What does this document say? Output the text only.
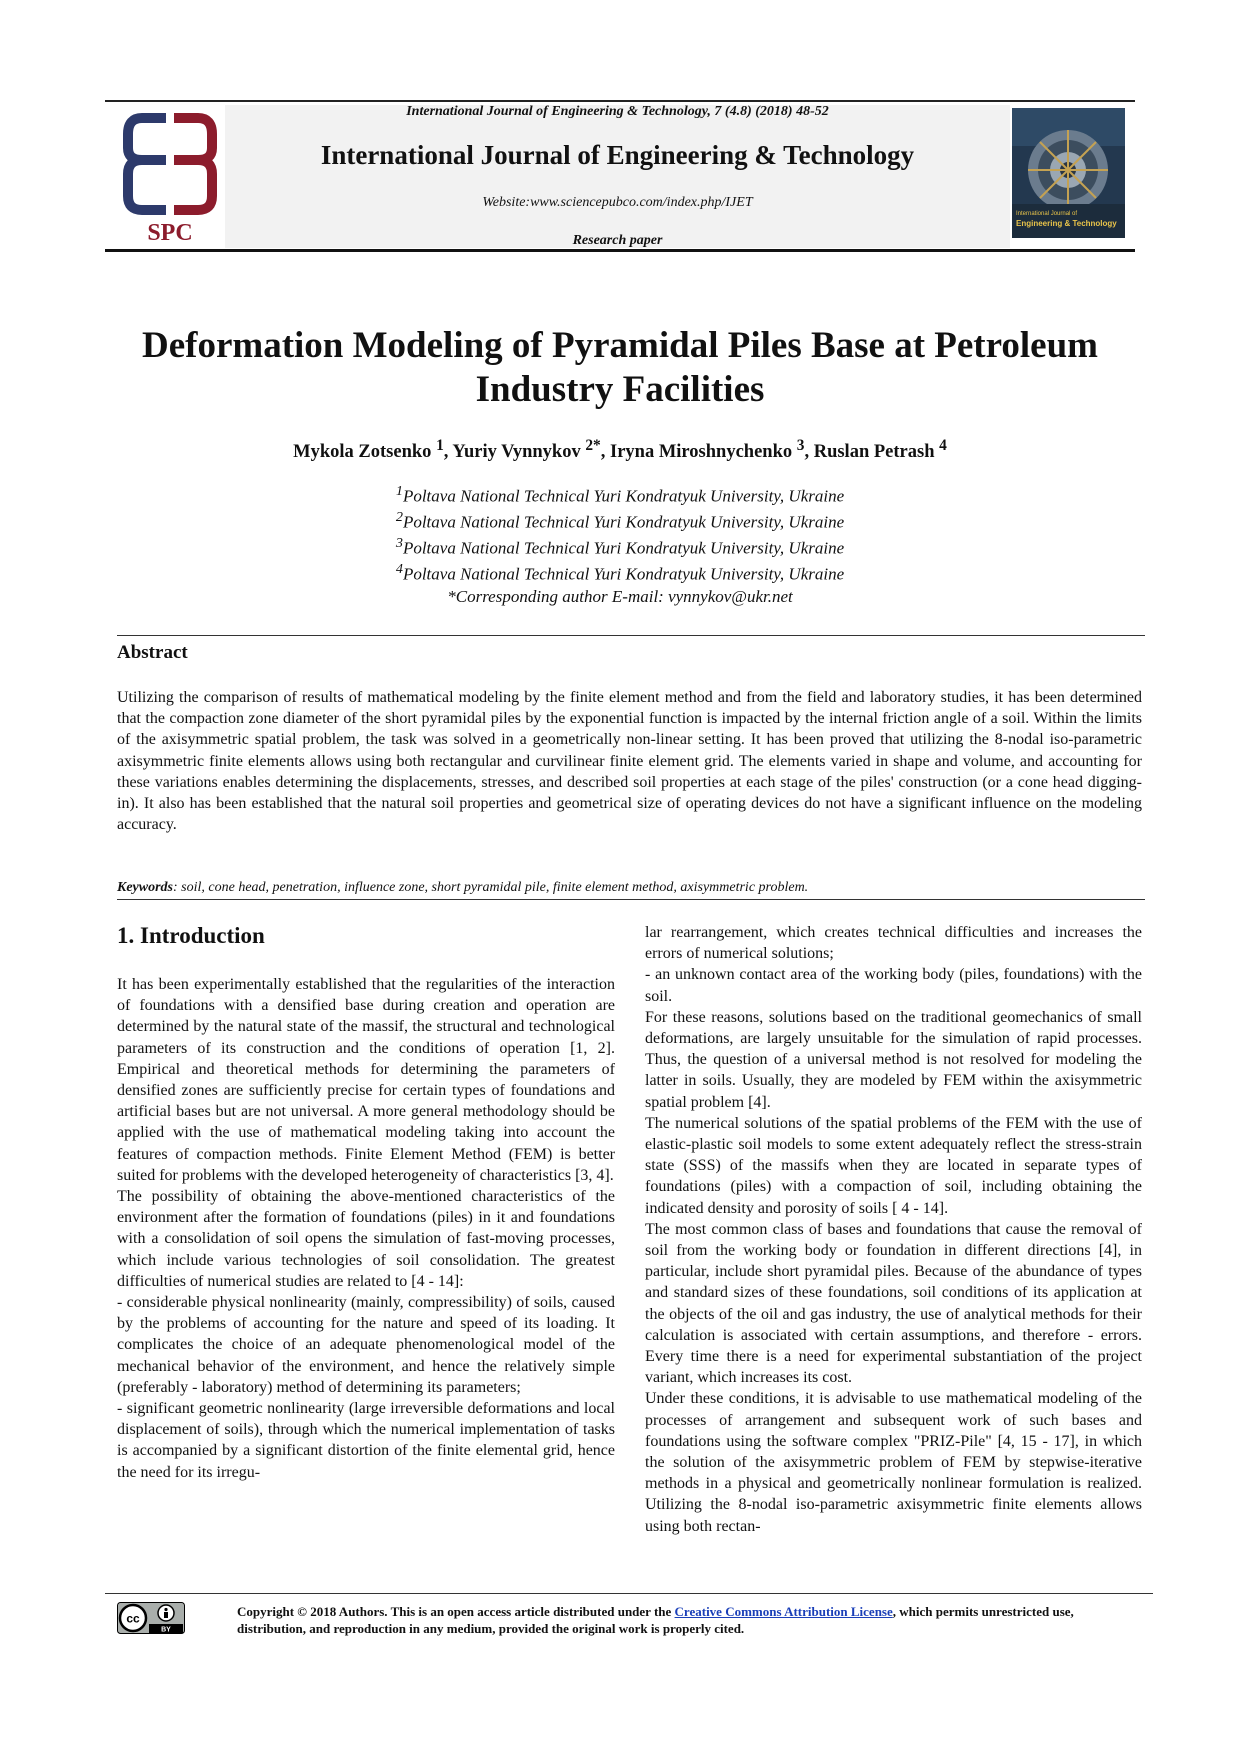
SPC
International Journal of
Engineering & Technology
International Journal of Engineering & Technology, 7 (4.8) (2018) 48-52
International Journal of Engineering & Technology
Website:www.sciencepubco.com/index.php/IJET
Research paper
Deformation Modeling of Pyramidal Piles Base at Petroleum Industry Facilities
Mykola Zotsenko $^1$, Yuriy Vynnykov $^{2*}$, Iryna Miroshnychenko $^3$, Ruslan Petrash $^4$
$^1$Poltava National Technical Yuri Kondratyuk University, Ukraine
$^2$Poltava National Technical Yuri Kondratyuk University, Ukraine
$^3$Poltava National Technical Yuri Kondratyuk University, Ukraine
$^4$Poltava National Technical Yuri Kondratyuk University, Ukraine
*Corresponding author E-mail: vynnykov@ukr.net
Abstract
Utilizing the comparison of results of mathematical modeling by the finite element method and from the field and laboratory studies, it has been determined that the compaction zone diameter of the short pyramidal piles by the exponential function is impacted by the internal friction angle of a soil. Within the limits of the axisymmetric spatial problem, the task was solved in a geometrically non-linear setting. It has been proved that utilizing the 8-nodal iso-parametric axisymmetric finite elements allows using both rectangular and curvilinear finite element grid. The elements varied in shape and volume, and accounting for these variations enables determining the displacements, stresses, and described soil properties at each stage of the piles' construction (or a cone head digging-in). It also has been established that the natural soil properties and geometrical size of operating devices do not have a significant influence on the modeling accuracy.
Keywords: soil, cone head, penetration, influence zone, short pyramidal pile, finite element method, axisymmetric problem.
1. Introduction

It has been experimentally established that the regularities of the interaction of foundations with a densified base during creation and operation are determined by the natural state of the massif, the structural and technological parameters of its construction and the conditions of operation [1, 2]. Empirical and theoretical methods for determining the parameters of densified zones are sufficiently precise for certain types of foundations and artificial bases but are not universal. A more general methodology should be applied with the use of mathematical modeling taking into account the features of compaction methods. Finite Element Method (FEM) is better suited for problems with the developed heterogeneity of characteristics [3, 4].

The possibility of obtaining the above-mentioned characteristics of the environment after the formation of foundations (piles) in it and foundations with a consolidation of soil opens the simulation of fast-moving processes, which include various technologies of soil consolidation. The greatest difficulties of numerical studies are related to [4 - 14]:

- considerable physical nonlinearity (mainly, compressibility) of soils, caused by the problems of accounting for the nature and speed of its loading. It complicates the choice of an adequate phenomenological model of the mechanical behavior of the environment, and hence the relatively simple (preferably - laboratory) method of determining its parameters;

- significant geometric nonlinearity (large irreversible deformations and local displacement of soils), through which the numerical implementation of tasks is accompanied by a significant distortion of the finite elemental grid, hence the need for its irregu-

lar rearrangement, which creates technical difficulties and increases the errors of numerical solutions;

- an unknown contact area of the working body (piles, foundations) with the soil.

For these reasons, solutions based on the traditional geomechanics of small deformations, are largely unsuitable for the simulation of rapid processes. Thus, the question of a universal method is not resolved for modeling the latter in soils. Usually, they are modeled by FEM within the axisymmetric spatial problem [4].

The numerical solutions of the spatial problems of the FEM with the use of elastic-plastic soil models to some extent adequately reflect the stress-strain state (SSS) of the massifs when they are located in separate types of foundations (piles) with a compaction of soil, including obtaining the indicated density and porosity of soils [ 4 - 14].

The most common class of bases and foundations that cause the removal of soil from the working body or foundation in different directions [4], in particular, include short pyramidal piles. Because of the abundance of types and standard sizes of these foundations, soil conditions of its application at the objects of the oil and gas industry, the use of analytical methods for their calculation is associated with certain assumptions, and therefore - errors. Every time there is a need for experimental substantiation of the project variant, which increases its cost.

Under these conditions, it is advisable to use mathematical modeling of the processes of arrangement and subsequent work of such bases and foundations using the software complex "PRIZ-Pile" [4, 15 - 17], in which the solution of the axisymmetric problem of FEM by stepwise-iterative methods in a physical and geometrically nonlinear formulation is realized. Utilizing the 8-nodal iso-parametric axisymmetric finite elements allows using both rectan-

cc
BY
Copyright © 2018 Authors. This is an open access article distributed under the Creative Commons Attribution License, which permits unrestricted use, distribution, and reproduction in any medium, provided the original work is properly cited.
